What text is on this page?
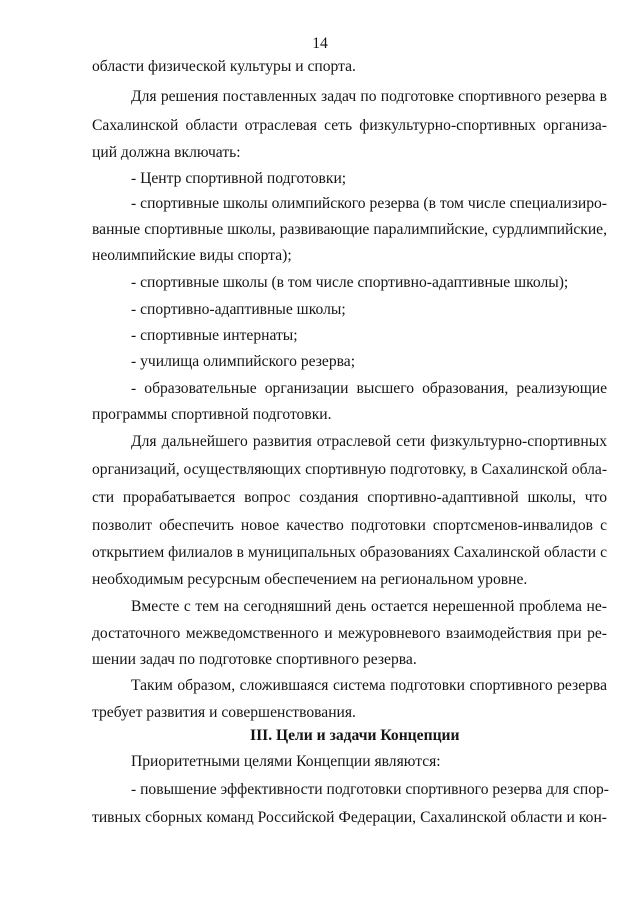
14
области физической культуры и спорта.
Для решения поставленных задач по подготовке спортивного резерва в
Сахалинской области отраслевая сеть физкультурно-спортивных организа-
ций должна включать:
- Центр спортивной подготовки;
- спортивные школы олимпийского резерва (в том числе специализиро-
ванные спортивные школы, развивающие паралимпийские, сурдлимпийские,
неолимпийские виды спорта);
- спортивные школы (в том числе спортивно-адаптивные школы);
- спортивно-адаптивные школы;
- спортивные интернаты;
- училища олимпийского резерва;
- образовательные организации высшего образования, реализующие
программы спортивной подготовки.
Для дальнейшего развития отраслевой сети физкультурно-спортивных
организаций, осуществляющих спортивную подготовку, в Сахалинской обла-
сти прорабатывается вопрос создания спортивно-адаптивной школы, что
позволит обеспечить новое качество подготовки спортсменов-инвалидов с
открытием филиалов в муниципальных образованиях Сахалинской области с
необходимым ресурсным обеспечением на региональном уровне.
Вместе с тем на сегодняшний день остается нерешенной проблема не-
достаточного межведомственного и межуровневого взаимодействия при ре-
шении задач по подготовке спортивного резерва.
Таким образом, сложившаяся система подготовки спортивного резерва
требует развития и совершенствования.
III. Цели и задачи Концепции
Приоритетными целями Концепции являются:
- повышение эффективности подготовки спортивного резерва для спор-
тивных сборных команд Российской Федерации, Сахалинской области и кон-
